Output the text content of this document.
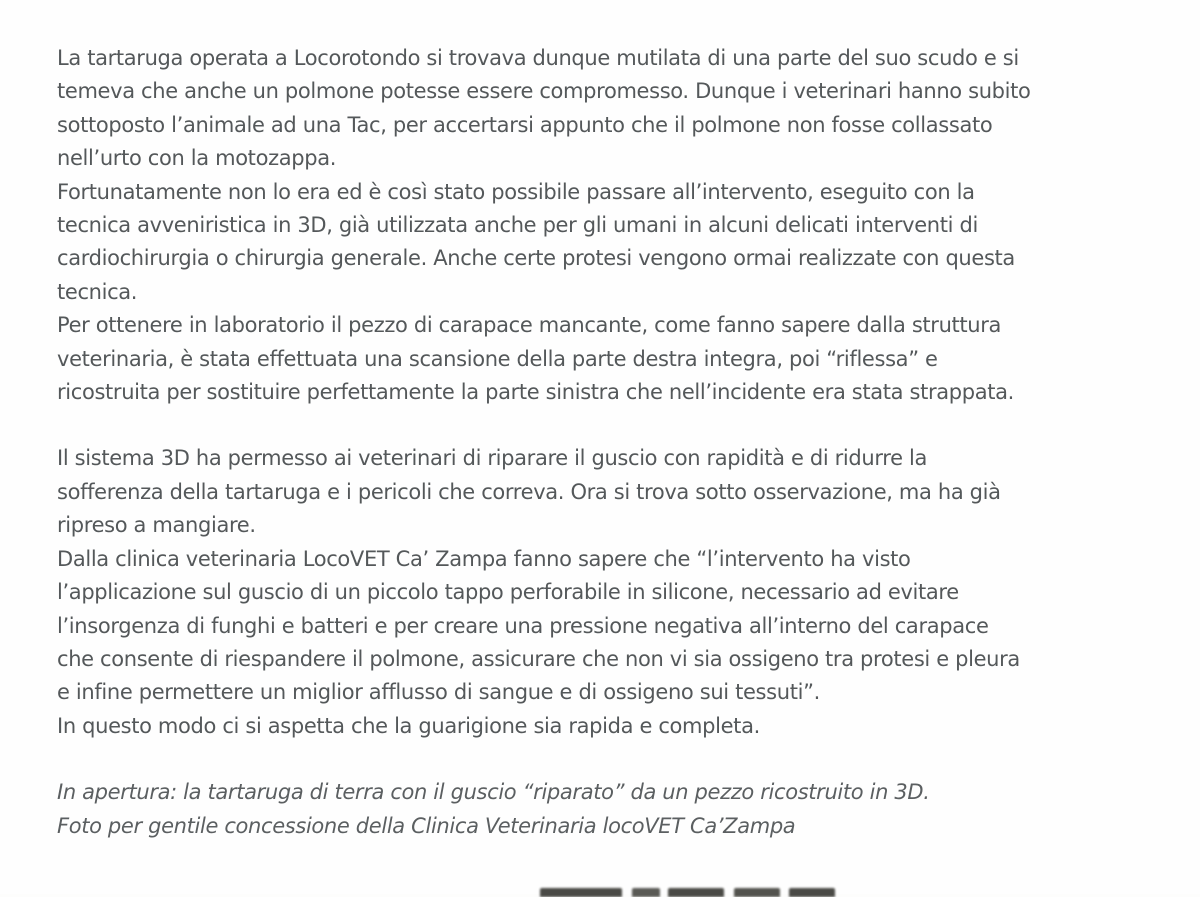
La tartaruga operata a Locorotondo si trovava dunque mutilata di una parte del suo scudo e si
temeva che anche un polmone potesse essere compromesso. Dunque i veterinari hanno subito
sottoposto l’animale ad una Tac, per accertarsi appunto che il polmone non fosse collassato
nell’urto con la motozappa.

Fortunatamente non lo era ed è così stato possibile passare all’intervento, eseguito con la
tecnica avveniristica in 3D, già utilizzata anche per gli umani in alcuni delicati interventi di
cardiochirurgia o chirurgia generale. Anche certe protesi vengono ormai realizzate con questa
tecnica.

Per ottenere in laboratorio il pezzo di carapace mancante, come fanno sapere dalla struttura
veterinaria, è stata effettuata una scansione della parte destra integra, poi “riflessa” e
ricostruita per sostituire perfettamente la parte sinistra che nell’incidente era stata strappata.

Il sistema 3D ha permesso ai veterinari di riparare il guscio con rapidità e di ridurre la
sofferenza della tartaruga e i pericoli che correva. Ora si trova sotto osservazione, ma ha già
ripreso a mangiare.

Dalla clinica veterinaria LocoVET Ca’ Zampa fanno sapere che “l’intervento ha visto
l’applicazione sul guscio di un piccolo tappo perforabile in silicone, necessario ad evitare
l’insorgenza di funghi e batteri e per creare una pressione negativa all’interno del carapace
che consente di riespandere il polmone, assicurare che non vi sia ossigeno tra protesi e pleura
e infine permettere un miglior afflusso di sangue e di ossigeno sui tessuti”.

In questo modo ci si aspetta che la guarigione sia rapida e completa.

In apertura: la tartaruga di terra con il guscio “riparato” da un pezzo ricostruito in 3D.

Foto per gentile concessione della Clinica Veterinaria locoVET Ca’Zampa
